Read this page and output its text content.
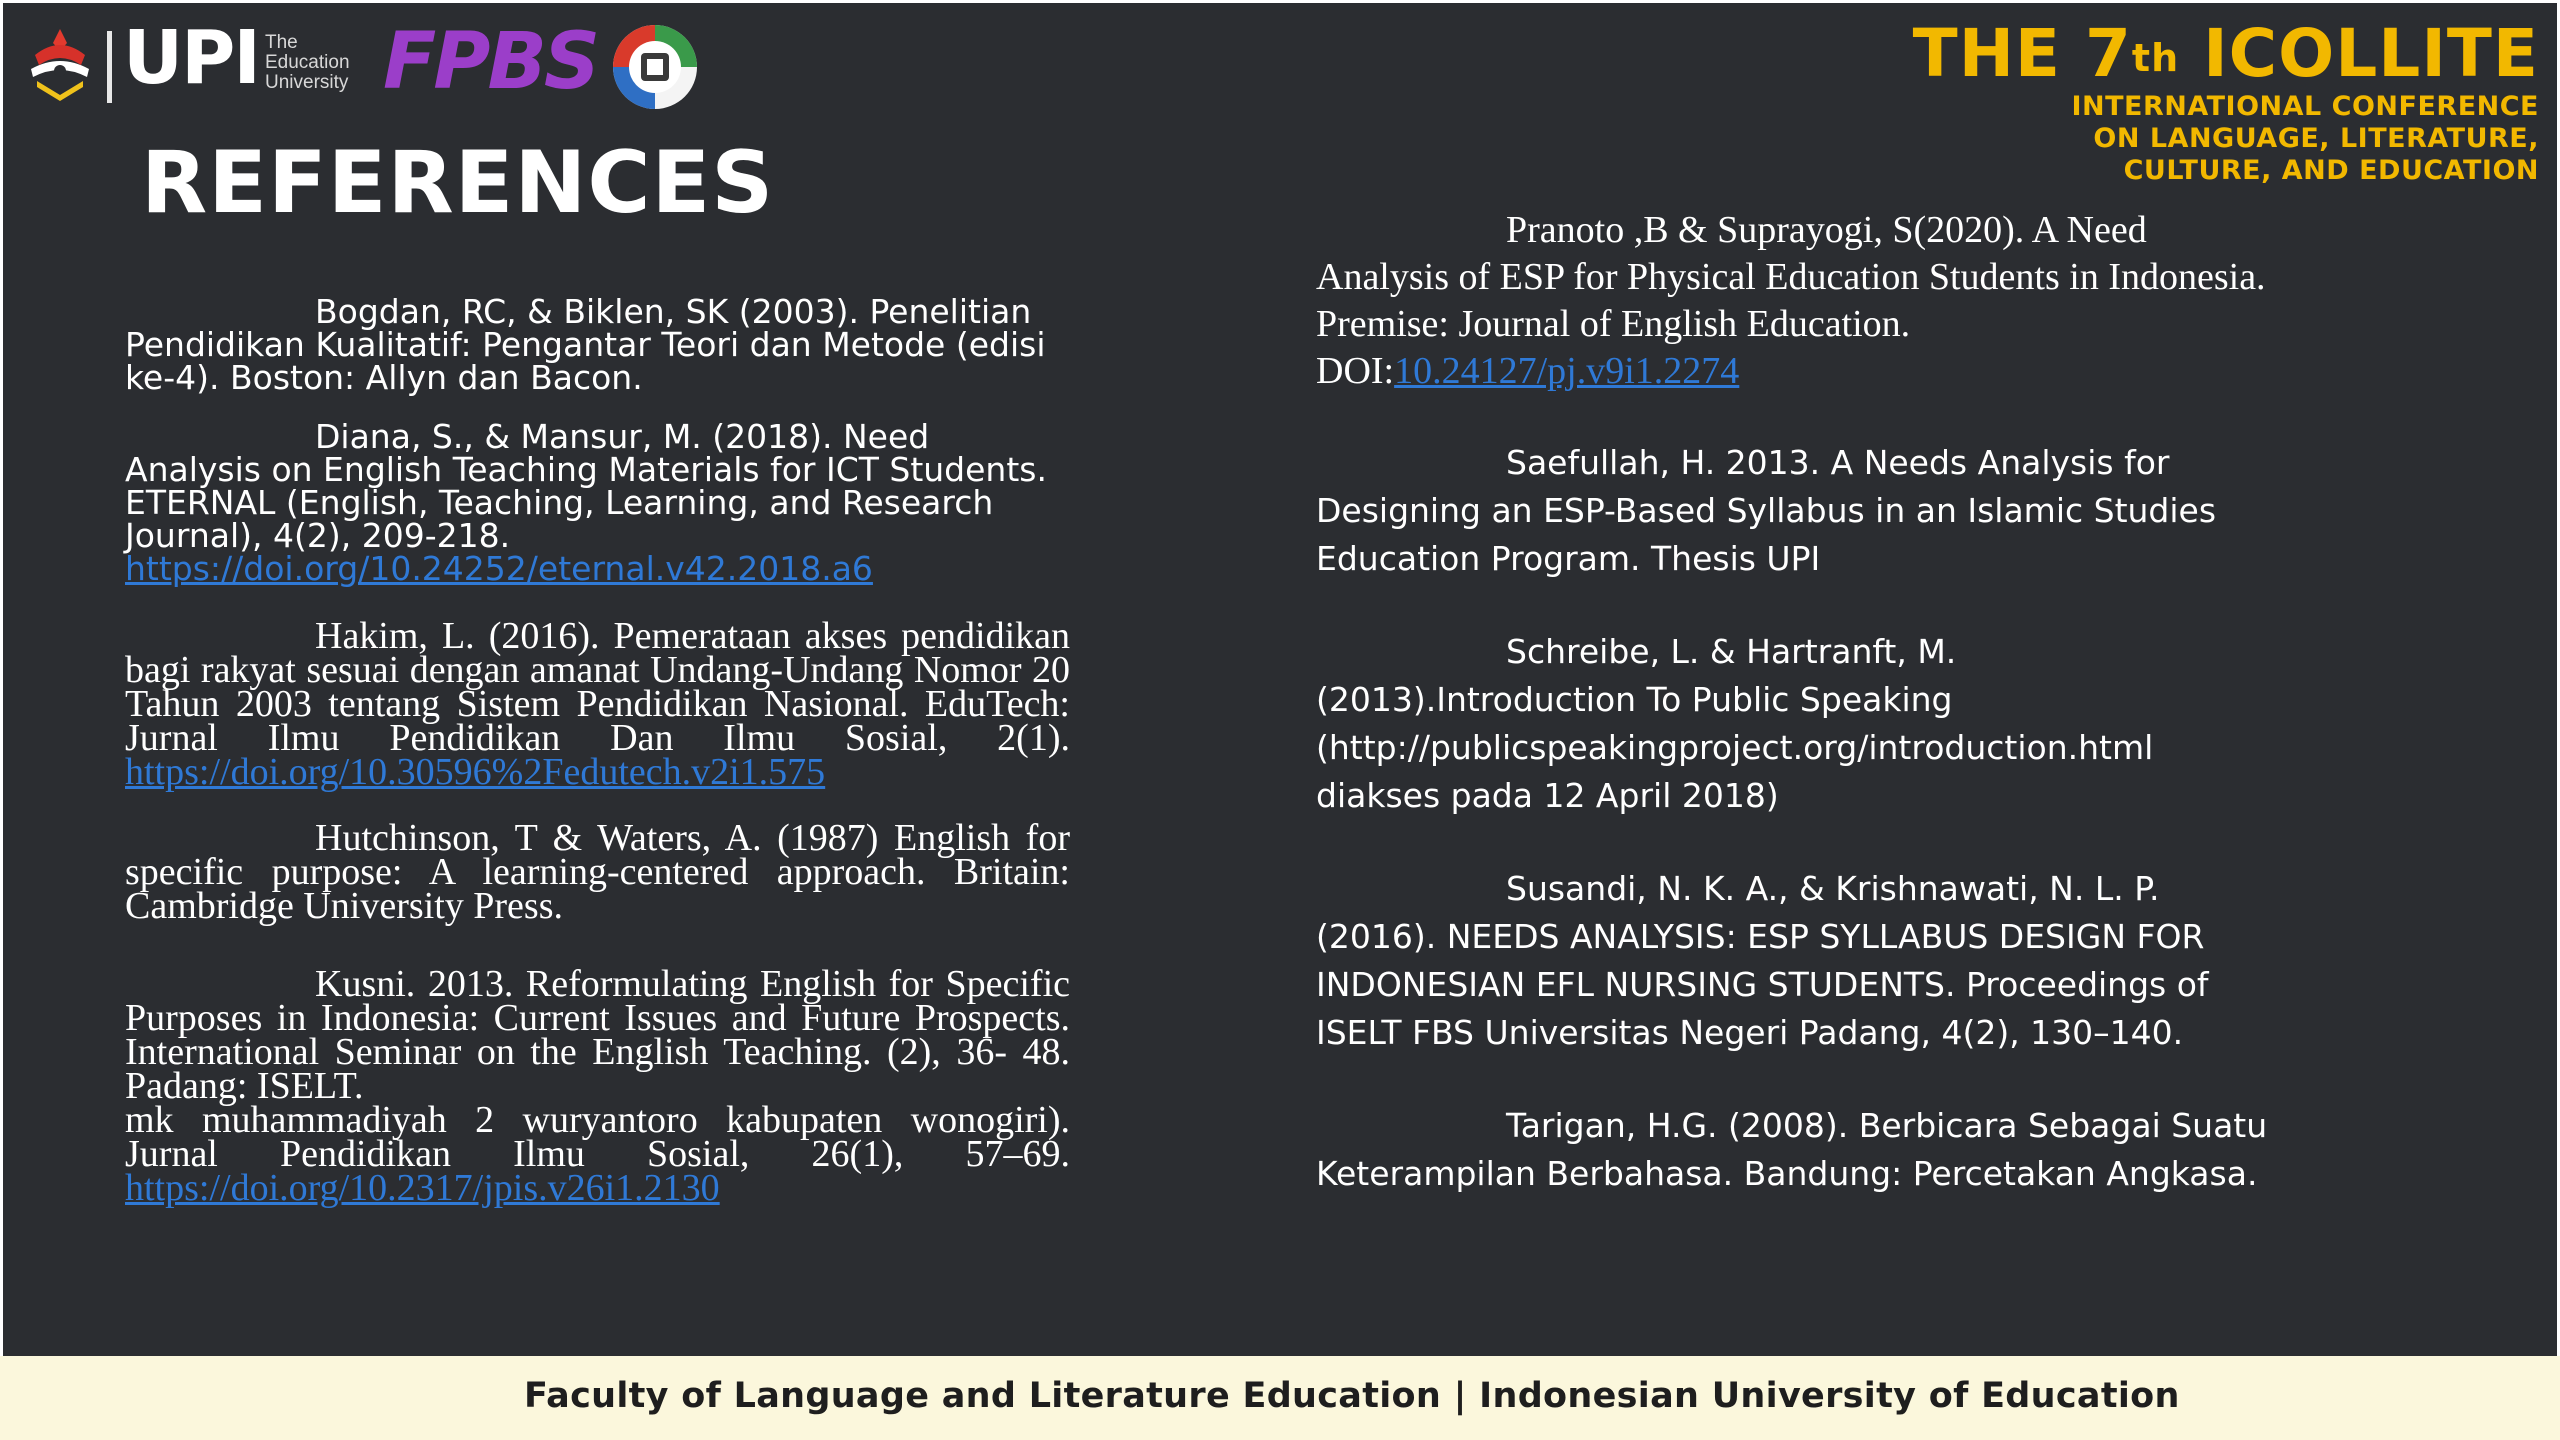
UPI The
Education
University FPBS	THE 7th ICOLLITE
INTERNATIONAL CONFERENCE
ON LANGUAGE, LITERATURE,
CULTURE, AND EDUCATION
REFERENCES

Bogdan, RC, & Biklen, SK (2003). Penelitian Pendidikan Kualitatif: Pengantar Teori dan Metode (edisi ke-4). Boston: Allyn dan Bacon.

Diana, S., & Mansur, M. (2018). Need Analysis on English Teaching Materials for ICT Students. ETERNAL (English, Teaching, Learning, and Research Journal), 4(2), 209-218. https://doi.org/10.24252/eternal.v42.2018.a6

Hakim, L. (2016). Pemerataan akses pendidikan bagi rakyat sesuai dengan amanat Undang-Undang Nomor 20 Tahun 2003 tentang Sistem Pendidikan Nasional. EduTech: Jurnal Ilmu Pendidikan Dan Ilmu Sosial, 2(1). https://doi.org/10.30596%2Fedutech.v2i1.575

Hutchinson, T & Waters, A. (1987) English for specific purpose: A learning-centered approach. Britain: Cambridge University Press.

Kusni. 2013. Reformulating English for Specific Purposes in Indonesia: Current Issues and Future Prospects. International Seminar on the English Teaching. (2), 36- 48. Padang: ISELT.

mk muhammadiyah 2 wuryantoro kabupaten wonogiri). Jurnal Pendidikan Ilmu Sosial, 26(1), 57–69. https://doi.org/10.2317/jpis.v26i1.2130

Pranoto ,B & Suprayogi, S(2020). A Need Analysis of ESP for Physical Education Students in Indonesia. Premise: Journal of English Education. DOI:10.24127/pj.v9i1.2274

Saefullah, H. 2013. A Needs Analysis for Designing an ESP-Based Syllabus in an Islamic Studies Education Program. Thesis UPI

Schreibe, L. & Hartranft, M. (2013).Introduction To Public Speaking (http://publicspeakingproject.org/introduction.html diakses pada 12 April 2018)

Susandi, N. K. A., & Krishnawati, N. L. P. (2016). NEEDS ANALYSIS: ESP SYLLABUS DESIGN FOR INDONESIAN EFL NURSING STUDENTS. Proceedings of ISELT FBS Universitas Negeri Padang, 4(2), 130–140.

Tarigan, H.G. (2008). Berbicara Sebagai Suatu Keterampilan Berbahasa. Bandung: Percetakan Angkasa.

Faculty of Language and Literature Education | Indonesian University of Education
